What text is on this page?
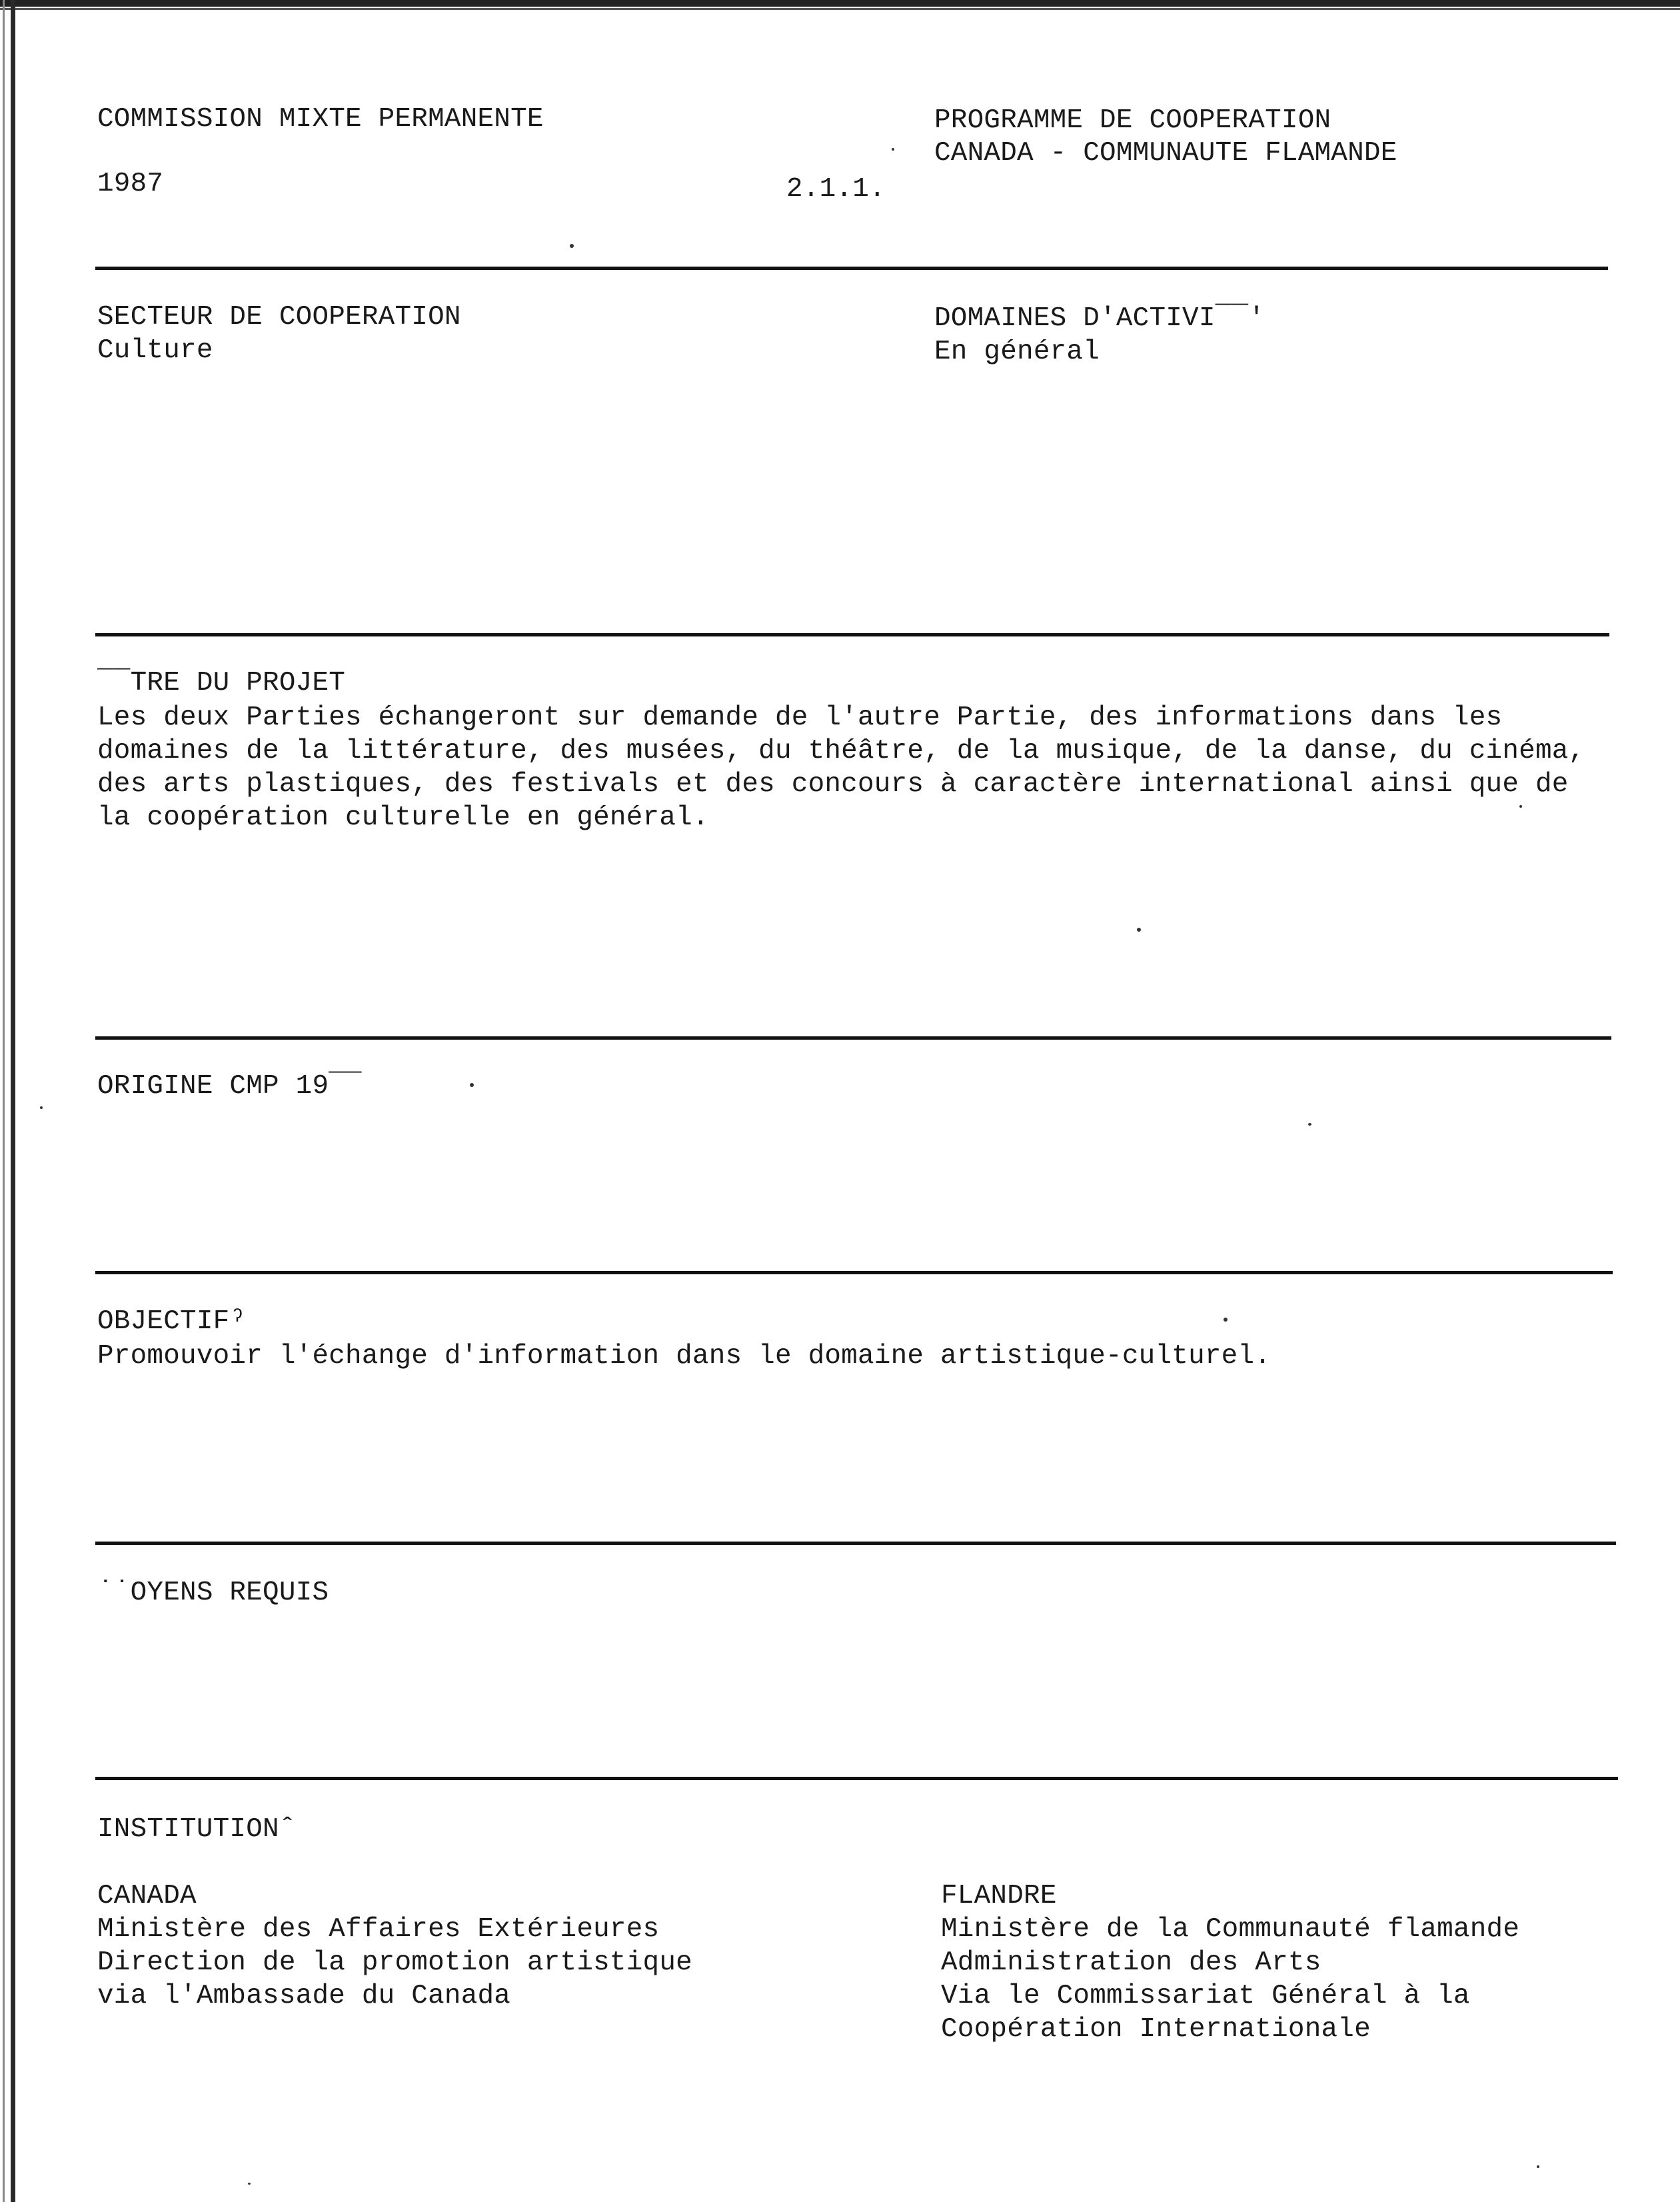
COMMISSION MIXTE PERMANENTE
1987	2.1.1.
PROGRAMME DE COOPERATION
CANADA - COMMUNAUTE FLAMANDE
SECTEUR DE COOPERATION
Culture
DOMAINES D'ACTIVI¯¯'
En général
¯¯TRE DU PROJET
Les deux Parties échangeront sur demande de l'autre Partie, des informations dans les
domaines de la littérature, des musées, du théâtre, de la musique, de la danse, du cinéma,
des arts plastiques, des festivals et des concours à caractère international ainsi que de
la coopération culturelle en général.
ORIGINE CMP 19¯¯
OBJECTIFˀ
Promouvoir l'échange d'information dans le domaine artistique-culturel.
˙˙OYENS REQUIS
INSTITUTIONˆ
CANADA
Ministère des Affaires Extérieures
Direction de la promotion artistique
via l'Ambassade du Canada
FLANDRE
Ministère de la Communauté flamande
Administration des Arts
Via le Commissariat Général à la
Coopération Internationale
